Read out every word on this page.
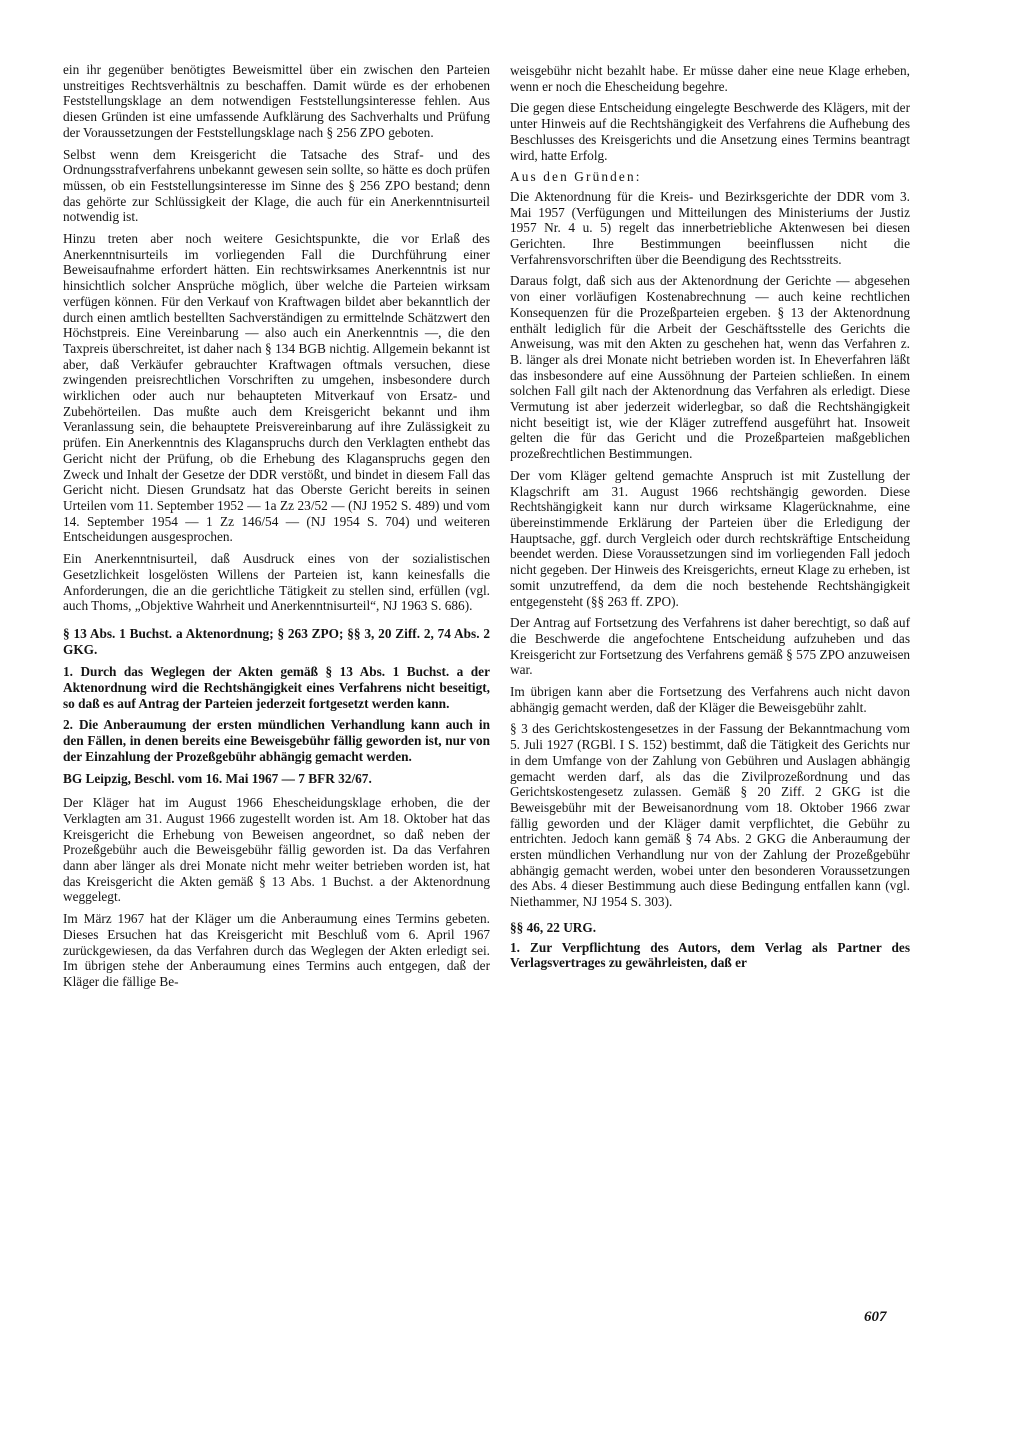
ein ihr gegenüber benötigtes Beweismittel über ein zwischen den Parteien unstreitiges Rechtsverhältnis zu beschaffen. Damit würde es der erhobenen Feststellungsklage an dem notwendigen Feststellungsinteresse fehlen. Aus diesen Gründen ist eine umfassende Aufklärung des Sachverhalts und Prüfung der Voraussetzungen der Feststellungsklage nach § 256 ZPO geboten.

Selbst wenn dem Kreisgericht die Tatsache des Straf- und des Ordnungsstrafverfahrens unbekannt gewesen sein sollte, so hätte es doch prüfen müssen, ob ein Feststellungsinteresse im Sinne des § 256 ZPO bestand; denn das gehörte zur Schlüssigkeit der Klage, die auch für ein Anerkenntnisurteil notwendig ist.

Hinzu treten aber noch weitere Gesichtspunkte, die vor Erlaß des Anerkenntnisurteils im vorliegenden Fall die Durchführung einer Beweisaufnahme erfordert hätten. Ein rechtswirksames Anerkenntnis ist nur hinsichtlich solcher Ansprüche möglich, über welche die Parteien wirksam verfügen können. Für den Verkauf von Kraftwagen bildet aber bekanntlich der durch einen amtlich bestellten Sachverständigen zu ermittelnde Schätzwert den Höchstpreis. Eine Vereinbarung — also auch ein Anerkenntnis —, die den Taxpreis überschreitet, ist daher nach § 134 BGB nichtig. Allgemein bekannt ist aber, daß Verkäufer gebrauchter Kraftwagen oftmals versuchen, diese zwingenden preisrechtlichen Vorschriften zu umgehen, insbesondere durch wirklichen oder auch nur behaupteten Mitverkauf von Ersatz- und Zubehörteilen. Das mußte auch dem Kreisgericht bekannt und ihm Veranlassung sein, die behauptete Preisvereinbarung auf ihre Zulässigkeit zu prüfen. Ein Anerkenntnis des Klaganspruchs durch den Verklagten enthebt das Gericht nicht der Prüfung, ob die Erhebung des Klaganspruchs gegen den Zweck und Inhalt der Gesetze der DDR verstößt, und bindet in diesem Fall das Gericht nicht. Diesen Grundsatz hat das Oberste Gericht bereits in seinen Urteilen vom 11. September 1952 — 1a Zz 23/52 — (NJ 1952 S. 489) und vom 14. September 1954 — 1 Zz 146/54 — (NJ 1954 S. 704) und weiteren Entscheidungen ausgesprochen.

Ein Anerkenntnisurteil, daß Ausdruck eines von der sozialistischen Gesetzlichkeit losgelösten Willens der Parteien ist, kann keinesfalls die Anforderungen, die an die gerichtliche Tätigkeit zu stellen sind, erfüllen (vgl. auch Thoms, „Objektive Wahrheit und Anerkenntnisurteil“, NJ 1963 S. 686).

§ 13 Abs. 1 Buchst. a Aktenordnung; § 263 ZPO; §§ 3, 20 Ziff. 2, 74 Abs. 2 GKG.

1. Durch das Weglegen der Akten gemäß § 13 Abs. 1 Buchst. a der Aktenordnung wird die Rechtshängigkeit eines Verfahrens nicht beseitigt, so daß es auf Antrag der Parteien jederzeit fortgesetzt werden kann.

2. Die Anberaumung der ersten mündlichen Verhandlung kann auch in den Fällen, in denen bereits eine Beweisgebühr fällig geworden ist, nur von der Einzahlung der Prozeßgebühr abhängig gemacht werden.

BG Leipzig, Beschl. vom 16. Mai 1967 — 7 BFR 32/67.

Der Kläger hat im August 1966 Ehescheidungsklage erhoben, die der Verklagten am 31. August 1966 zugestellt worden ist. Am 18. Oktober hat das Kreisgericht die Erhebung von Beweisen angeordnet, so daß neben der Prozeßgebühr auch die Beweisgebühr fällig geworden ist. Da das Verfahren dann aber länger als drei Monate nicht mehr weiter betrieben worden ist, hat das Kreisgericht die Akten gemäß § 13 Abs. 1 Buchst. a der Aktenordnung weggelegt.

Im März 1967 hat der Kläger um die Anberaumung eines Termins gebeten. Dieses Ersuchen hat das Kreisgericht mit Beschluß vom 6. April 1967 zurückgewiesen, da das Verfahren durch das Weglegen der Akten erledigt sei. Im übrigen stehe der Anberaumung eines Termins auch entgegen, daß der Kläger die fällige Be-

weisgebühr nicht bezahlt habe. Er müsse daher eine neue Klage erheben, wenn er noch die Ehescheidung begehre.

Die gegen diese Entscheidung eingelegte Beschwerde des Klägers, mit der unter Hinweis auf die Rechtshängigkeit des Verfahrens die Aufhebung des Beschlusses des Kreisgerichts und die Ansetzung eines Termins beantragt wird, hatte Erfolg.

Aus den Gründen:

Die Aktenordnung für die Kreis- und Bezirksgerichte der DDR vom 3. Mai 1957 (Verfügungen und Mitteilungen des Ministeriums der Justiz 1957 Nr. 4 u. 5) regelt das innerbetriebliche Aktenwesen bei diesen Gerichten. Ihre Bestimmungen beeinflussen nicht die Verfahrensvorschriften über die Beendigung des Rechtsstreits.

Daraus folgt, daß sich aus der Aktenordnung der Gerichte — abgesehen von einer vorläufigen Kostenabrechnung — auch keine rechtlichen Konsequenzen für die Prozeßparteien ergeben. § 13 der Aktenordnung enthält lediglich für die Arbeit der Geschäftsstelle des Gerichts die Anweisung, was mit den Akten zu geschehen hat, wenn das Verfahren z. B. länger als drei Monate nicht betrieben worden ist. In Eheverfahren läßt das insbesondere auf eine Aussöhnung der Parteien schließen. In einem solchen Fall gilt nach der Aktenordnung das Verfahren als erledigt. Diese Vermutung ist aber jederzeit widerlegbar, so daß die Rechtshängigkeit nicht beseitigt ist, wie der Kläger zutreffend ausgeführt hat. Insoweit gelten die für das Gericht und die Prozeßparteien maßgeblichen prozeßrechtlichen Bestimmungen.

Der vom Kläger geltend gemachte Anspruch ist mit Zustellung der Klagschrift am 31. August 1966 rechtshängig geworden. Diese Rechtshängigkeit kann nur durch wirksame Klagerücknahme, eine übereinstimmende Erklärung der Parteien über die Erledigung der Hauptsache, ggf. durch Vergleich oder durch rechtskräftige Entscheidung beendet werden. Diese Voraussetzungen sind im vorliegenden Fall jedoch nicht gegeben. Der Hinweis des Kreisgerichts, erneut Klage zu erheben, ist somit unzutreffend, da dem die noch bestehende Rechtshängigkeit entgegensteht (§§ 263 ff. ZPO).

Der Antrag auf Fortsetzung des Verfahrens ist daher berechtigt, so daß auf die Beschwerde die angefochtene Entscheidung aufzuheben und das Kreisgericht zur Fortsetzung des Verfahrens gemäß § 575 ZPO anzuweisen war.

Im übrigen kann aber die Fortsetzung des Verfahrens auch nicht davon abhängig gemacht werden, daß der Kläger die Beweisgebühr zahlt.

§ 3 des Gerichtskostengesetzes in der Fassung der Bekanntmachung vom 5. Juli 1927 (RGBl. I S. 152) bestimmt, daß die Tätigkeit des Gerichts nur in dem Umfange von der Zahlung von Gebühren und Auslagen abhängig gemacht werden darf, als das die Zivilprozeßordnung und das Gerichtskostengesetz zulassen. Gemäß § 20 Ziff. 2 GKG ist die Beweisgebühr mit der Beweisanordnung vom 18. Oktober 1966 zwar fällig geworden und der Kläger damit verpflichtet, die Gebühr zu entrichten. Jedoch kann gemäß § 74 Abs. 2 GKG die Anberaumung der ersten mündlichen Verhandlung nur von der Zahlung der Prozeßgebühr abhängig gemacht werden, wobei unter den besonderen Voraussetzungen des Abs. 4 dieser Bestimmung auch diese Bedingung entfallen kann (vgl. Niethammer, NJ 1954 S. 303).

§§ 46, 22 URG.

1. Zur Verpflichtung des Autors, dem Verlag als Partner des Verlagsvertrages zu gewährleisten, daß er

607
